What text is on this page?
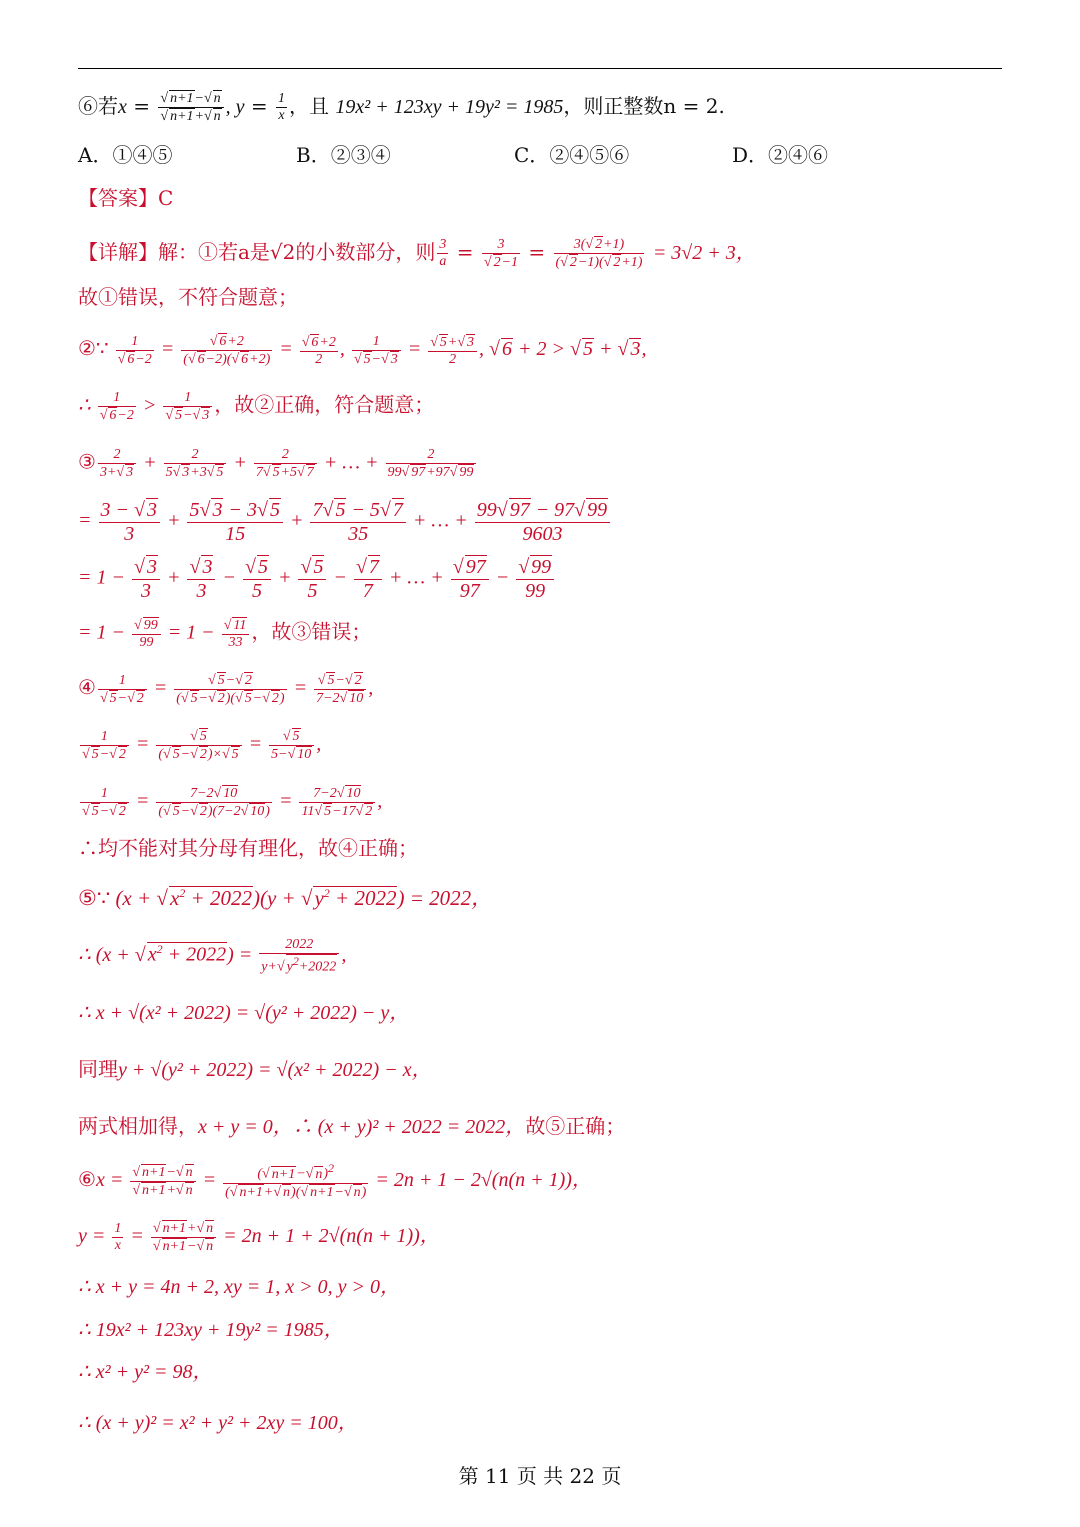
⑥若$x = \frac{√ n+1-√ n}{√ n+1+√ n}$ , $y = \frac{1}{x}$ ，且 19x² + 123xy + 19y² = 1985，则正整数n = 2.
A．①④⑤	B．②③④	C．②④⑤⑥	D．②④⑥
【答案】C
【详解】解：①若a是√2的小数部分，则 $\frac{3}{a} = \frac{3}{√ 2-1} = \frac{3(√ 2+1)}{(√ 2-1)(√ 2+1)} = 3√2 + 3$，
故①错误，不符合题意；
②∵ $\frac{1}{√ 6-2} = \frac{√ 6+2}{(√ 6-2)(√ 6+2)} = \frac{√ 6+2}{2}$ , $\frac{1}{√ 5-√ 3} = \frac{√ 5+√ 3}{2}$ , √ 6 + 2 > √ 5 + √ 3,
∴ $\frac{1}{√ 6-2} > \frac{1}{√ 5-√ 3}$ ，故②正确，符合题意；
③ $\frac{2}{3+√ 3} + \frac{2}{5√ 3+3√ 5} + \frac{2}{7√ 5+5√ 7}$ + … + $\frac{2}{99√ 97+97√ 99}$
= $\frac{3 - √ 3}{3} + \frac{5√ 3 - 3√ 5}{15} + \frac{7√ 5 - 5√ 7}{35}$ + … + $\frac{99√ 97 - 97√ 99}{9603}$
= $1 - \frac{√ 3}{3} + \frac{√ 3}{3} - \frac{√ 5}{5} + \frac{√ 5}{5} - \frac{√ 7}{7}$ + … + $\frac{√ 97}{97} - \frac{√ 99}{99}$
= $1 - \frac{√ 99}{99} = 1 - \frac{√ 11}{33}$ ，故③错误；
④ $\frac{1}{√ 5-√ 2} = \frac{√ 5-√ 2}{(√ 5-√ 2)(√ 5-√ 2)} = \frac{√ 5-√ 2}{7-2√ 10}$ ,
$\frac{1}{√ 5-√ 2} = \frac{√ 5}{(√ 5-√ 2)\times√ 5} = \frac{√ 5}{5-√ 10}$ ,
$\frac{1}{√ 5-√ 2} = \frac{7-2√ 10}{(√ 5-√ 2)(7-2√ 10)} = \frac{7-2√ 10}{11√ 5-17√ 2}$ ,
∴均不能对其分母有理化，故④正确；
⑤∵ $(x + √x^2 + 2022)(y + √y^2 + 2022) = 2022$，
∴ (x + √ $x^2 + 2022) = \frac{2022}{y+√ y^2+2022}$ ,
∴ x + √(x² + 2022) = √(y² + 2022) − y，
同理y + √(y² + 2022) = √(x² + 2022) − x，
两式相加得，x + y = 0，∴ (x + y)² + 2022 = 2022，故⑤正确；
⑥x = $\frac{√ n+1-√ n}{√ n+1+√ n} = \frac{(√ n+1-√ n)^2}{(√ n+1+√ n)(√ n+1-√ n)} = 2n + 1 - 2√(n(n + 1))$，
$y = \frac{1}{x} = \frac{√ n+1+√ n}{√ n+1-√ n} = 2n + 1 + 2√(n(n + 1))$，
∴ x + y = 4n + 2, xy = 1, x > 0, y > 0，
∴ 19x² + 123xy + 19y² = 1985，
∴ x² + y² = 98，
∴ (x + y)² = x² + y² + 2xy = 100，
第 11 页 共 22 页
